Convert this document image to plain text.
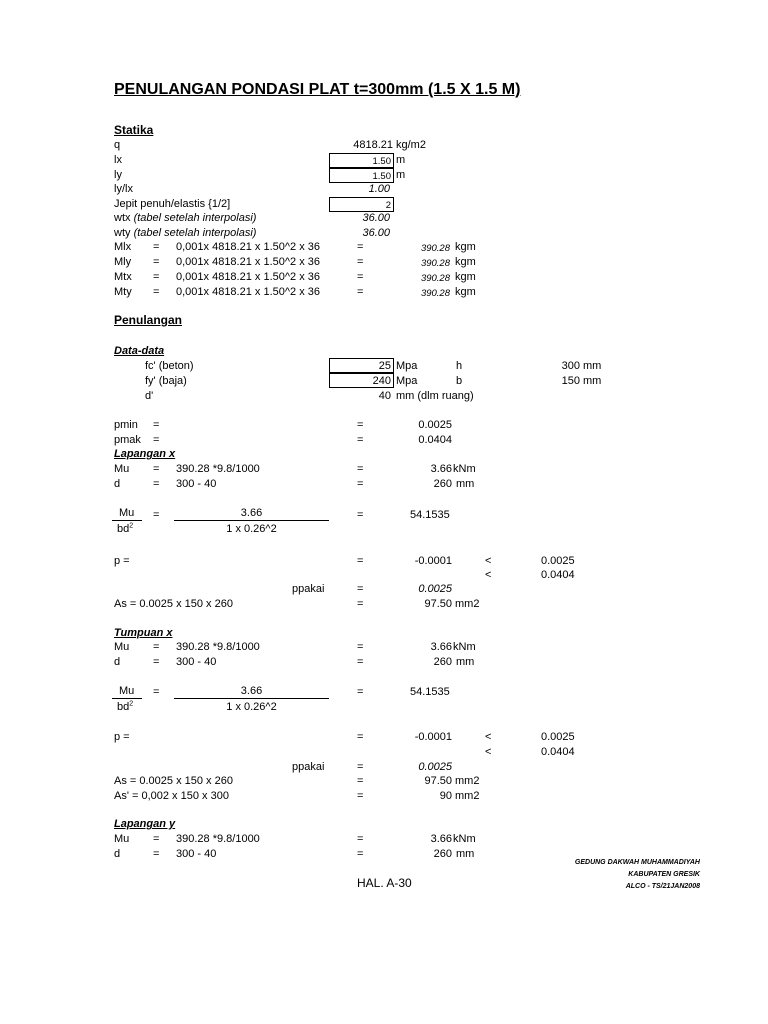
PENULANGAN PONDASI PLAT t=300mm (1.5 X 1.5 M)
Statika
q	4818.21 kg/m2
lx	1.50 m
ly	1.50 m
ly/lx	1.00
Jepit penuh/elastis {1/2]	2
wtx (tabel setelah interpolasi)	36.00
wty (tabel setelah interpolasi)	36.00
Mlx = 0,001x 4818.21 x 1.50^2 x 36	=	390.28 kgm
Mly = 0,001x 4818.21 x 1.50^2 x 36	=	390.28 kgm
Mtx = 0,001x 4818.21 x 1.50^2 x 36	=	390.28 kgm
Mty = 0,001x 4818.21 x 1.50^2 x 36	=	390.28 kgm
Penulangan
Data-data
fc' (beton)	25 Mpa	h	300 mm
fy' (baja)	240 Mpa	b	150 mm
d'	40 mm (dlm ruang)
pmin =	=	0.0025
pmak =	=	0.0404
Lapangan x
Mu = 390.28 *9.8/1000	=	3.66 kNm
d	= 300 - 40	=	260 mm
Mu
$bd^2$
=	3.66
1 x 0.26^2
=	54.1535
p =	=	-0.0001	<	0.0025
<	0.0404
ppakai	=	0.0025
As = 0.0025 x 150 x 260	=	97.50 mm2
Tumpuan x
Mu = 390.28 *9.8/1000	=	3.66 kNm
d	= 300 - 40	=	260 mm
Mu
$bd^2$
=	3.66
1 x 0.26^2
=	54.1535
p =	=	-0.0001	<	0.0025
<	0.0404
ppakai	=	0.0025
As = 0.0025 x 150 x 260	=	97.50 mm2
As' = 0,002 x 150 x 300	=	90 mm2
Lapangan y
Mu = 390.28 *9.8/1000	=	3.66 kNm
d	= 300 - 40	=	260 mm
GEDUNG DAKWAH MUHAMMADIYAH
KABUPATEN GRESIK
ALCO - TS/21JAN2008
HAL. A-30
